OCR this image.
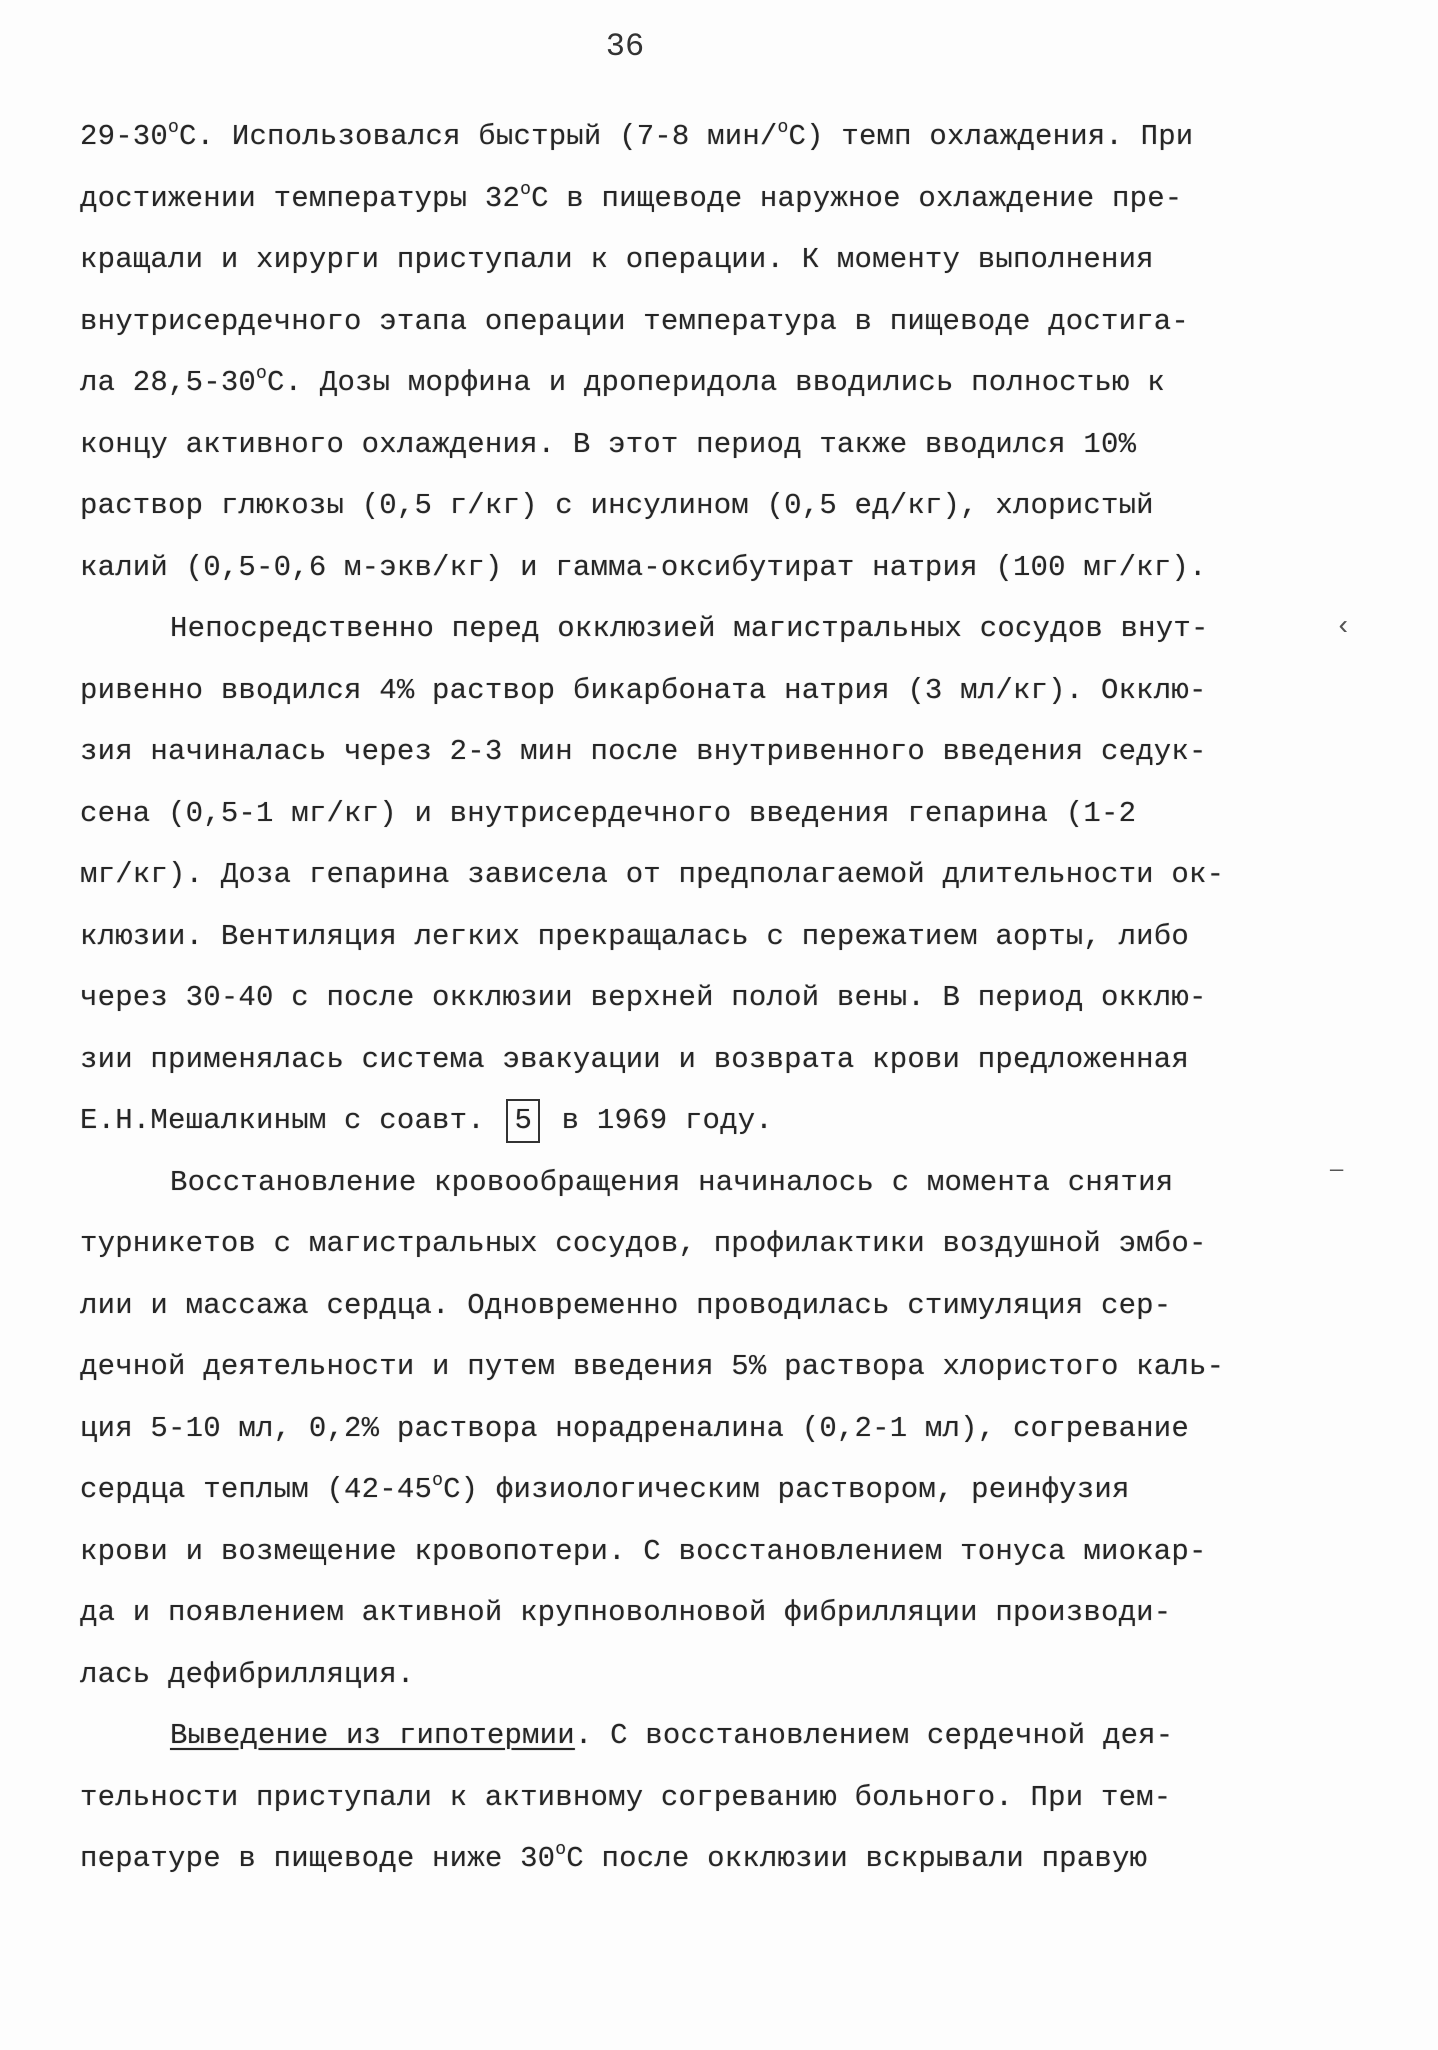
36
$29-30^оС$. Использовался быстрый (7-8 мин/$^о$С) темп охлаждения. При
достижении температуры $32^оС$ в пищеводе наружное охлаждение пре-
кращали и хирурги приступали к операции. К моменту выполнения
внутрисердечного этапа операции температура в пищеводе достига-
ла $28,5-30^оС$. Дозы морфина и дроперидола вводились полностью к
концу активного охлаждения. В этот период также вводился 10%
раствор глюкозы (0,5 г/кг) с инсулином (0,5 ед/кг), хлористый
калий (0,5-0,6 м-экв/кг) и гамма-оксибутират натрия (100 мг/кг).
Непосредственно перед окклюзией магистральных сосудов внут-
ривенно вводился 4% раствор бикарбоната натрия (3 мл/кг). Окклю-
зия начиналась через 2-3 мин после внутривенного введения седук-
сена (0,5-1 мг/кг) и внутрисердечного введения гепарина (1-2
мг/кг). Доза гепарина зависела от предполагаемой длительности ок-
клюзии. Вентиляция легких прекращалась с пережатием аорты, либо
через 30-40 с после окклюзии верхней полой вены. В период окклю-
зии применялась система эвакуации и возврата крови предложенная
Е.Н.Мешалкиным с соавт. 5 в 1969 году.
Восстановление кровообращения начиналось с момента снятия
турникетов с магистральных сосудов, профилактики воздушной эмбо-
лии и массажа сердца. Одновременно проводилась стимуляция сер-
дечной деятельности и путем введения 5% раствора хлористого каль-
ция 5-10 мл, 0,2% раствора норадреналина (0,2-1 мл), согревание
сердца теплым $(42-45^оС)$ физиологическим раствором, реинфузия
крови и возмещение кровопотери. С восстановлением тонуса миокар-
да и появлением активной крупноволновой фибрилляции производи-
лась дефибрилляция.
Выведение из гипотермии. С восстановлением сердечной дея-
тельности приступали к активному согреванию больного. При тем-
пературе в пищеводе ниже $30^оС$ после окклюзии вскрывали правую
‹
—
